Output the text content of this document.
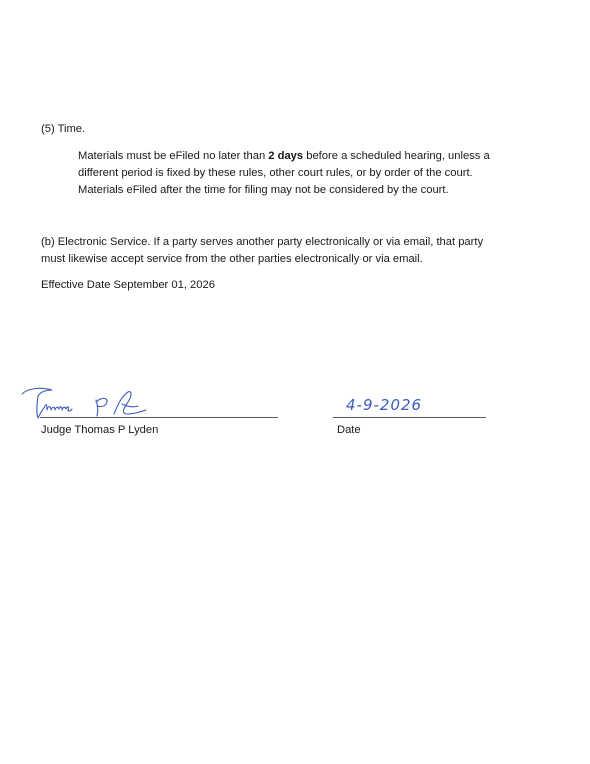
(5) Time.
Materials must be eFiled no later than 2 days before a scheduled hearing, unless a
different period is fixed by these rules, other court rules, or by order of the court.
Materials eFiled after the time for filing may not be considered by the court.
(b) Electronic Service. If a party serves another party electronically or via email, that party
must likewise accept service from the other parties electronically or via email.
Effective Date September 01, 2026
Judge Thomas P Lyden
4-9-2026
Date
